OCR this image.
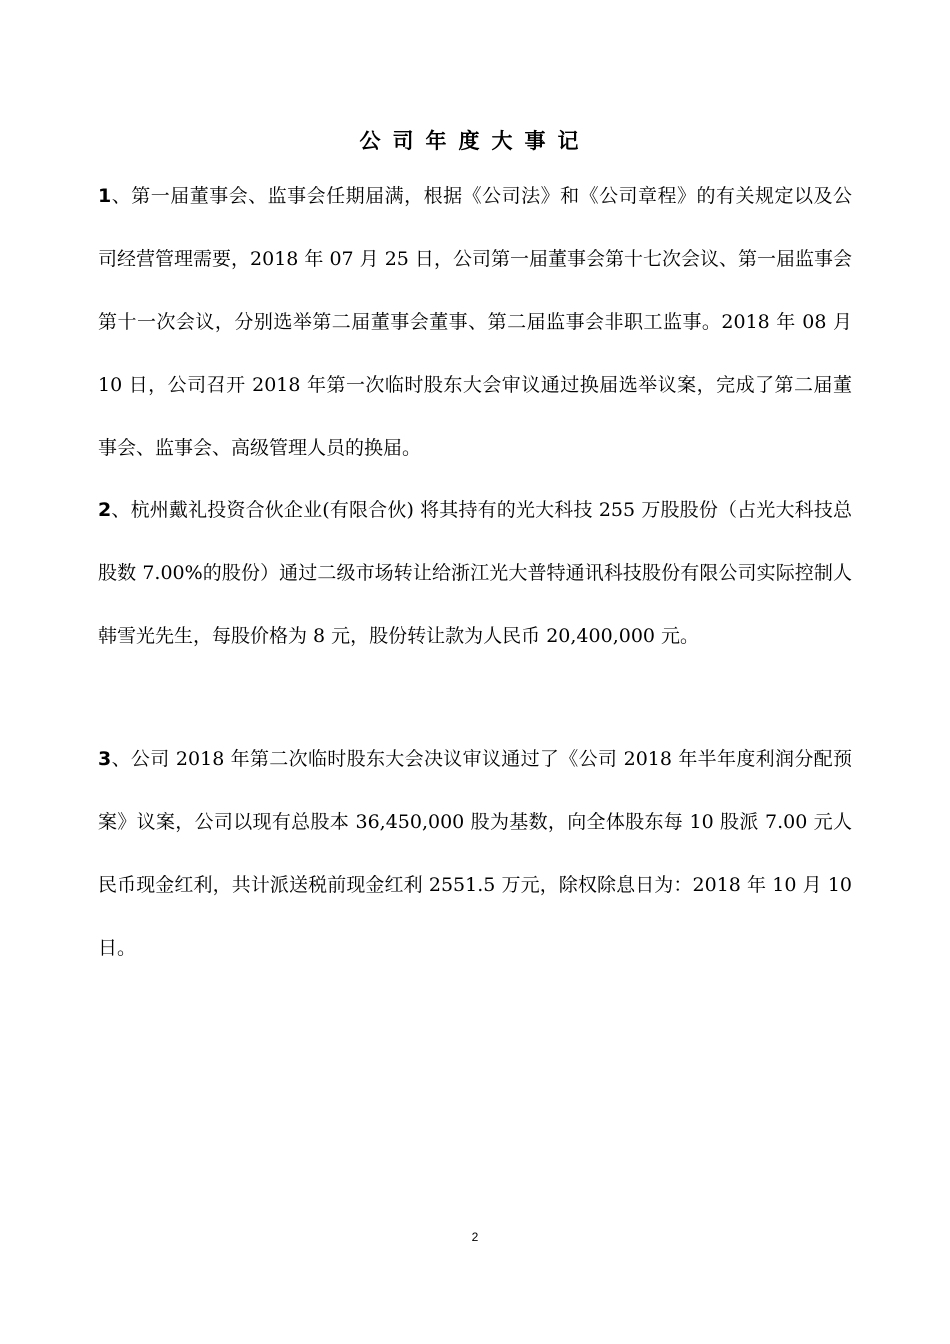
公司年度大事记
1、第一届董事会、监事会任期届满，根据《公司法》和《公司章程》的有关规定以及公司经营管理需要，2018 年 07 月 25 日，公司第一届董事会第十七次会议、第一届监事会第十一次会议，分别选举第二届董事会董事、第二届监事会非职工监事。2018 年 08 月 10 日，公司召开 2018 年第一次临时股东大会审议通过换届选举议案，完成了第二届董事会、监事会、高级管理人员的换届。
2、杭州戴礼投资合伙企业(有限合伙) 将其持有的光大科技 255 万股股份（占光大科技总股数 7.00%的股份）通过二级市场转让给浙江光大普特通讯科技股份有限公司实际控制人韩雪光先生，每股价格为 8 元，股份转让款为人民币 20,400,000 元。
3、公司 2018 年第二次临时股东大会决议审议通过了《公司 2018 年半年度利润分配预案》议案，公司以现有总股本 36,450,000 股为基数，向全体股东每 10 股派 7.00 元人民币现金红利，共计派送税前现金红利 2551.5 万元，除权除息日为：2018 年 10 月 10 日。
2
